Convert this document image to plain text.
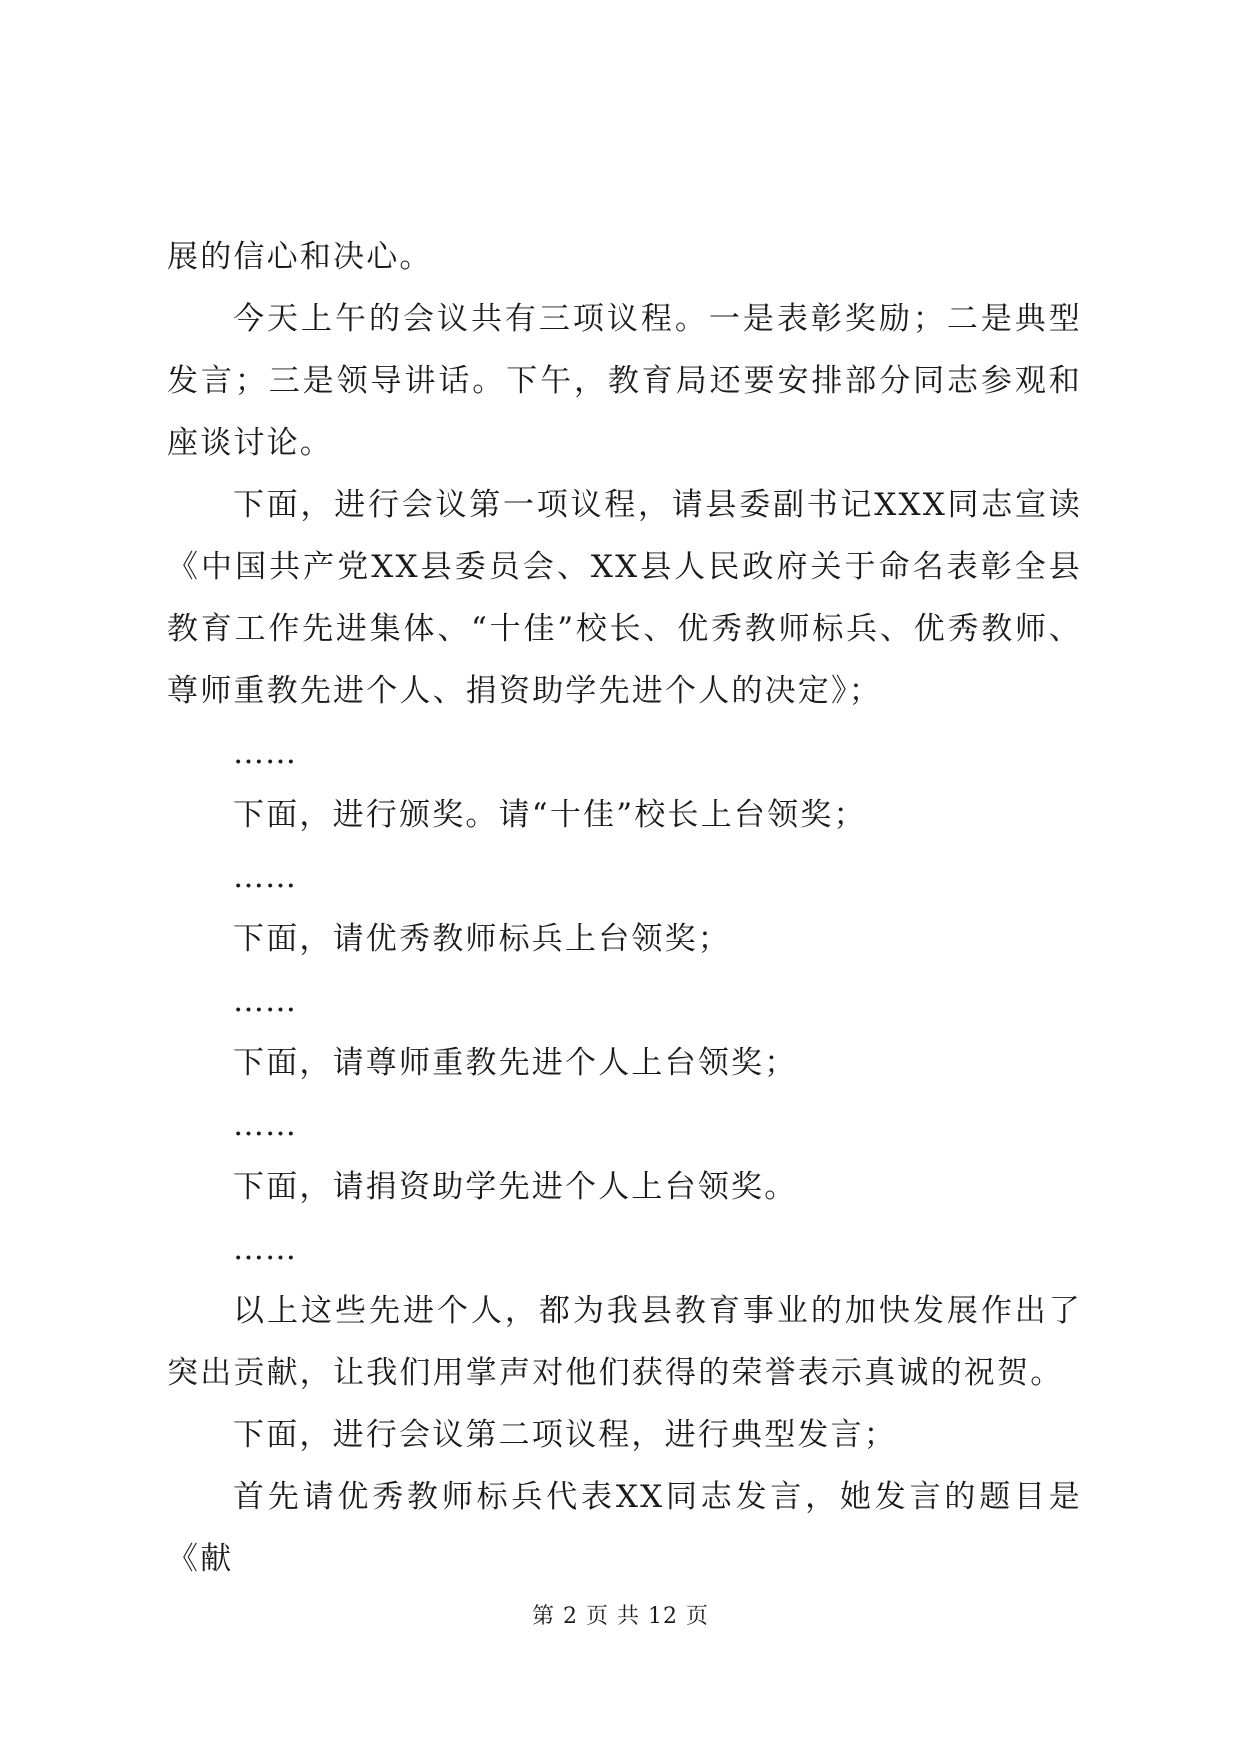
展的信心和决心。

今天上午的会议共有三项议程。一是表彰奖励；二是典型发言；三是领导讲话。下午，教育局还要安排部分同志参观和座谈讨论。

下面，进行会议第一项议程，请县委副书记XXX同志宣读《中国共产党XX县委员会、XX县人民政府关于命名表彰全县教育工作先进集体、“十佳”校长、优秀教师标兵、优秀教师、尊师重教先进个人、捐资助学先进个人的决定》；

……

下面，进行颁奖。请“十佳”校长上台领奖；

……

下面，请优秀教师标兵上台领奖；

……

下面，请尊师重教先进个人上台领奖；

……

下面，请捐资助学先进个人上台领奖。

……

以上这些先进个人，都为我县教育事业的加快发展作出了突出贡献，让我们用掌声对他们获得的荣誉表示真诚的祝贺。

下面，进行会议第二项议程，进行典型发言；

首先请优秀教师标兵代表XX同志发言，她发言的题目是《献

第 2 页 共 12 页
